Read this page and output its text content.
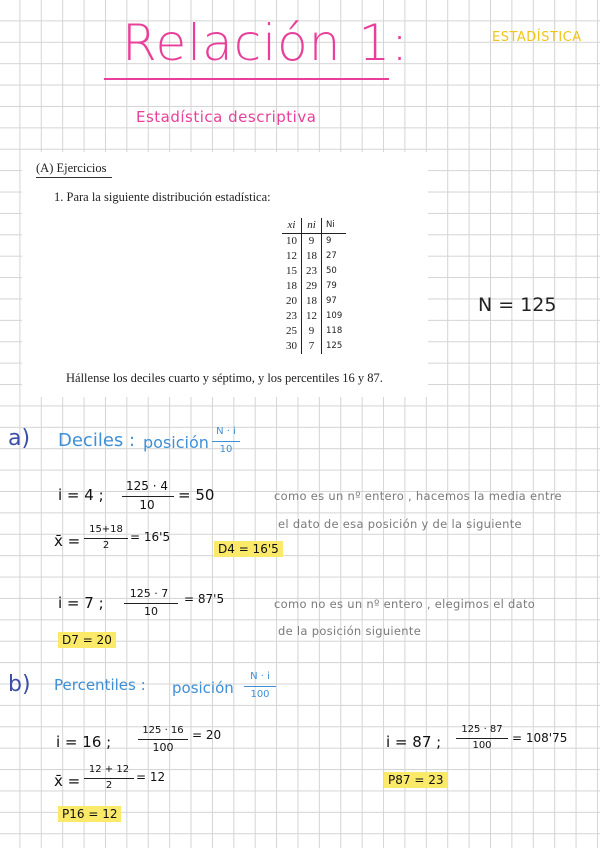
Relación 1:	ESTADÍSTICA
Estadística descriptiva
(A) Ejercicios
1. Para la siguiente distribución estadística:
xi	ni	Ni
10	9	9
12	18	27
15	23	50
18	29	79
20	18	97
23	12	109
25	9	118
30	7	125
Hállense los deciles cuarto y séptimo, y los percentiles 16 y 87.
N = 125
a) Deciles : posición
N · i
10
i = 4 ;	125 · 4
10
= 50
x̄ =
15+18
2
= 16'5
D4 = 16'5
como es un nº entero , hacemos la media entre
el dato de esa posición y de la siguiente
i = 7 ;
125 · 7
10
= 87'5
D7 = 20
como no es un nº entero , elegimos el dato
de la posición siguiente
b) Percentiles : posición
N · i
100
i = 16 ;
125 · 16
100
= 20
x̄ =
12 + 12
2
= 12
P16 = 12
i = 87 ;
125 · 87
100
= 108'75
P87 = 23
